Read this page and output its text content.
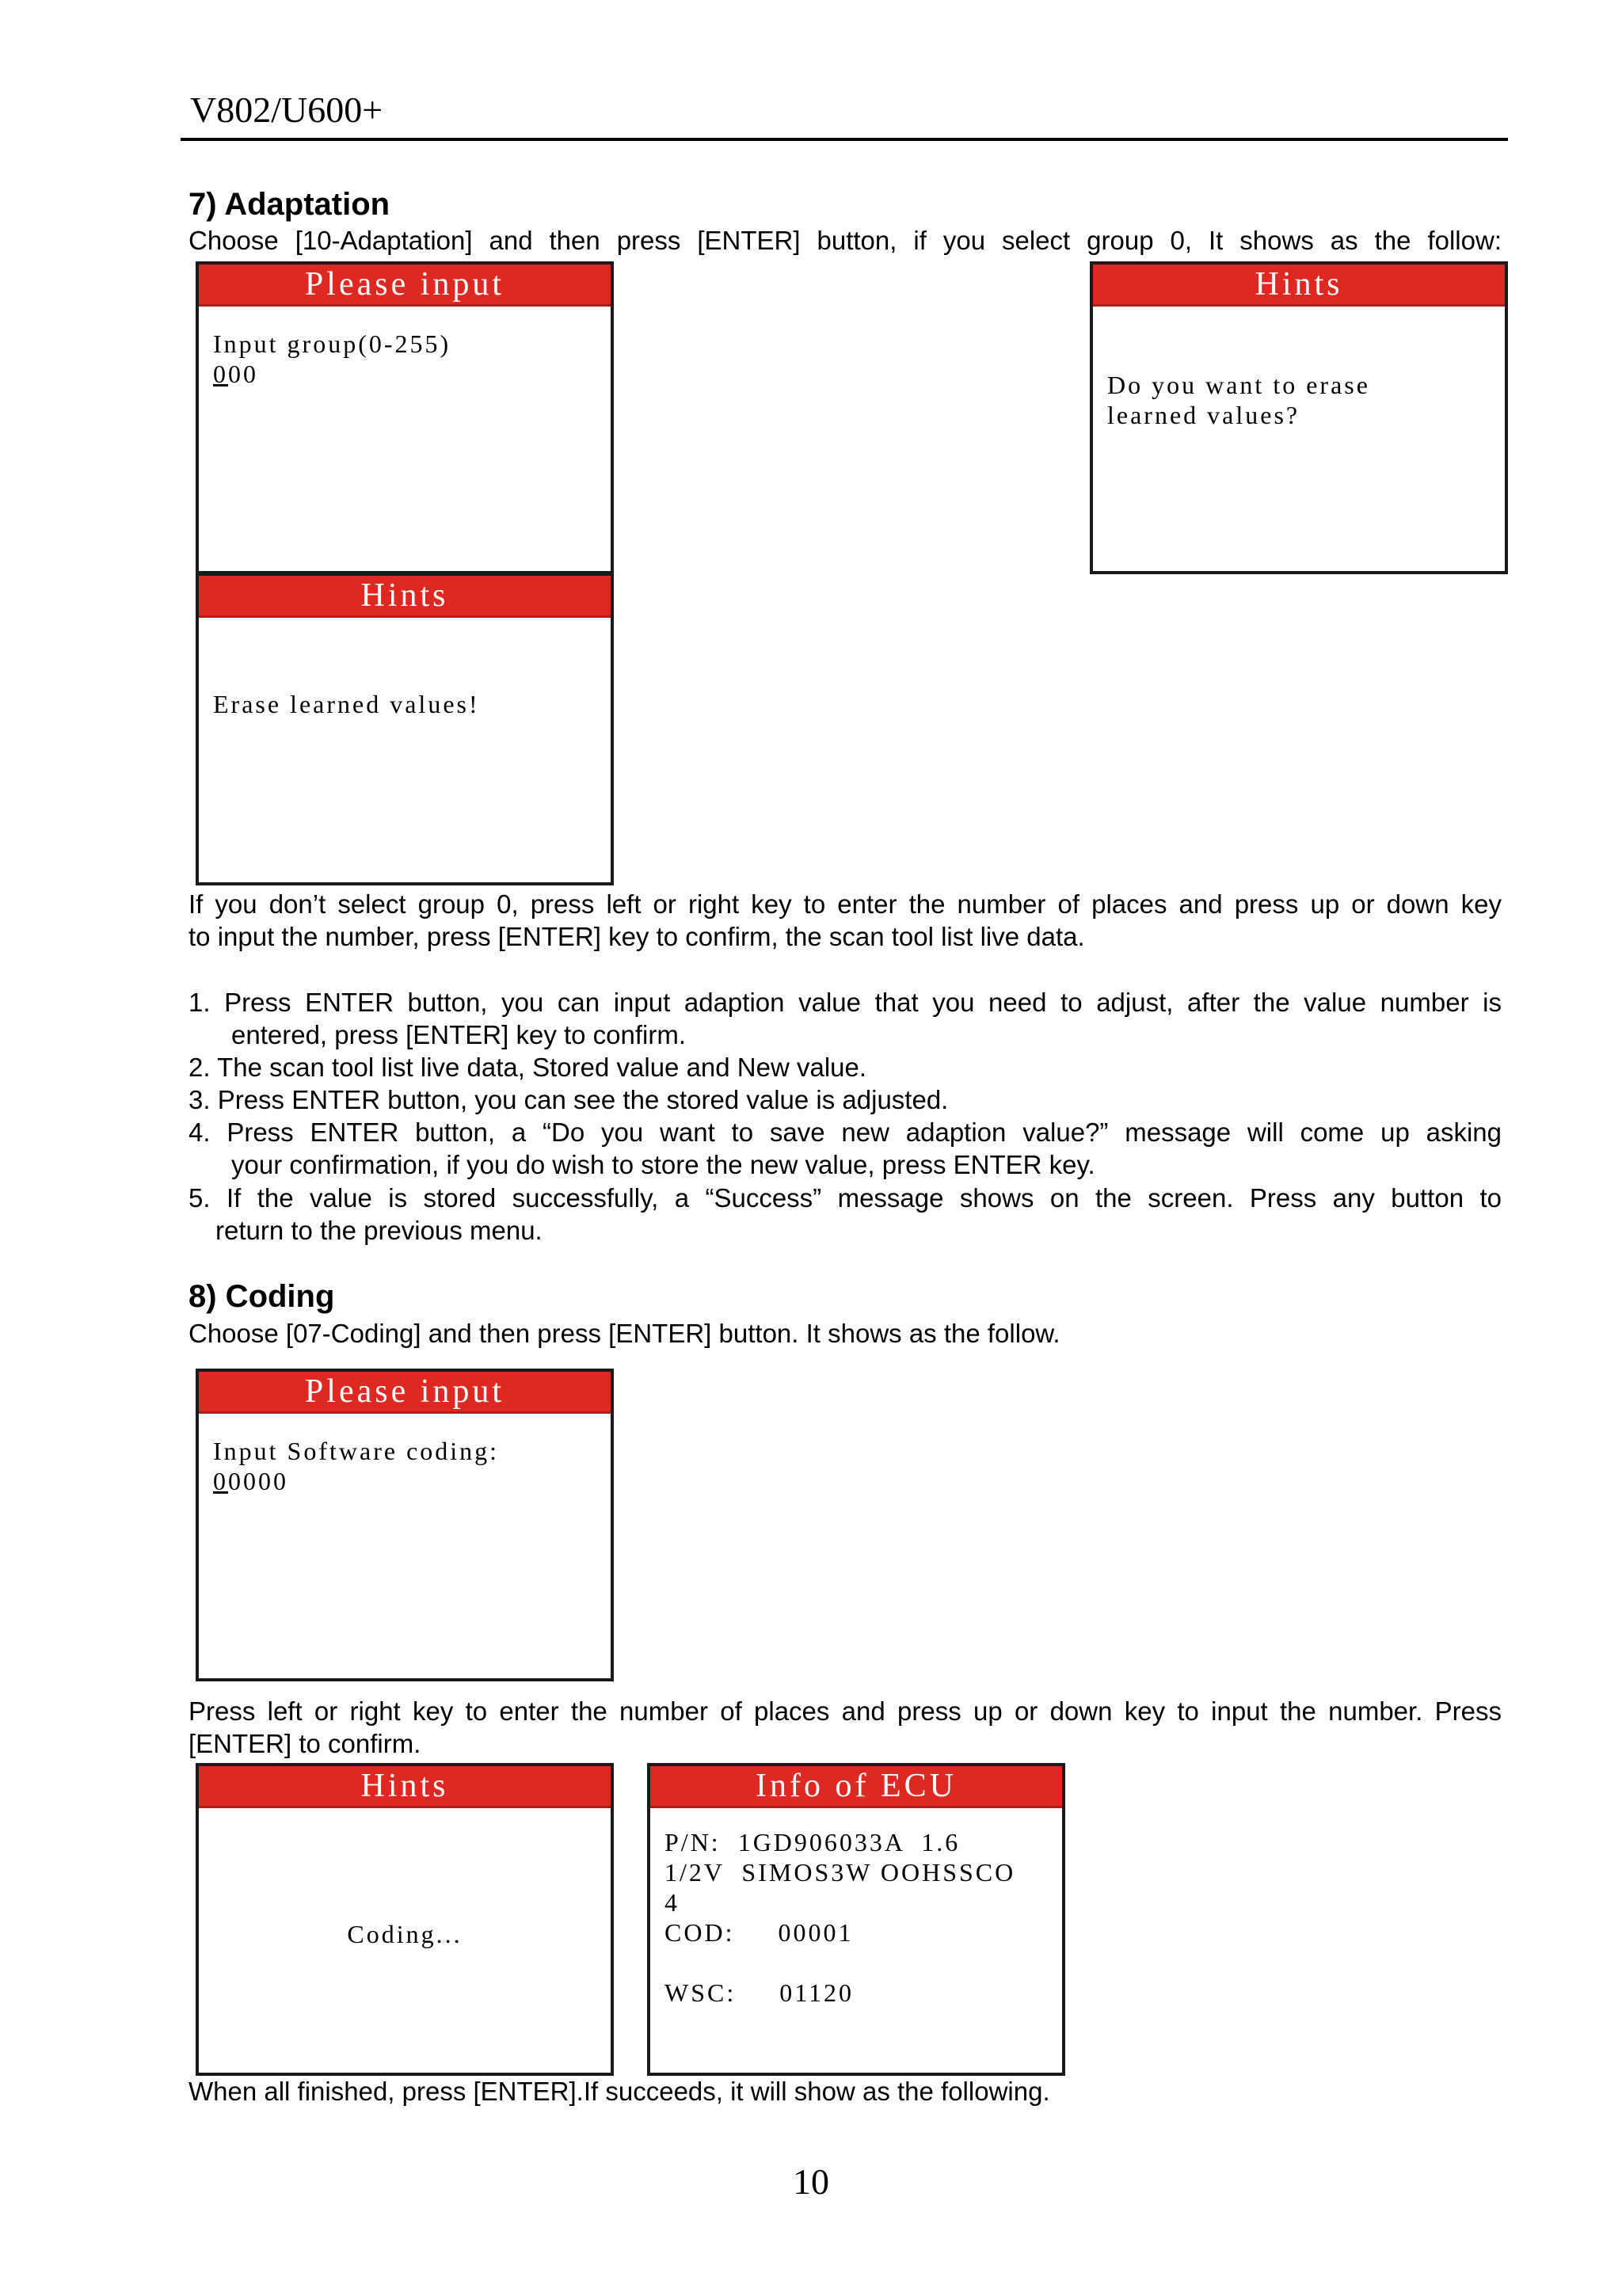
V802/U600+
7) Adaptation
Choose [10-Adaptation] and then press [ENTER] button, if you select group 0, It shows as the follow:
Please input
Input group(0-255)
000
Hints
Do you want to erase
learned values?
Hints
Erase learned values!
If you don’t select group 0, press left or right key to enter the number of places and press up or down key
to input the number, press [ENTER] key to confirm, the scan tool list live data.
1. Press ENTER button, you can input adaption value that you need to adjust, after the value number is
entered, press [ENTER] key to confirm.
2. The scan tool list live data, Stored value and New value.
3. Press ENTER button, you can see the stored value is adjusted.
4. Press ENTER button, a “Do you want to save new adaption value?” message will come up asking
your confirmation, if you do wish to store the new value, press ENTER key.
5. If the value is stored successfully, a “Success” message shows on the screen. Press any button to
return to the previous menu.
8) Coding
Choose [07-Coding] and then press [ENTER] button. It shows as the follow.
Please input
Input Software coding:
00000
Press left or right key to enter the number of places and press up or down key to input the number. Press
[ENTER] to confirm.
Hints
Coding...
Info of ECU
P/N:  1GD906033A  1.6
1/2V  SIMOS3W OOHSSCO
4
COD:     00001

WSC:     01120
When all finished, press [ENTER].If succeeds, it will show as the following.
10
